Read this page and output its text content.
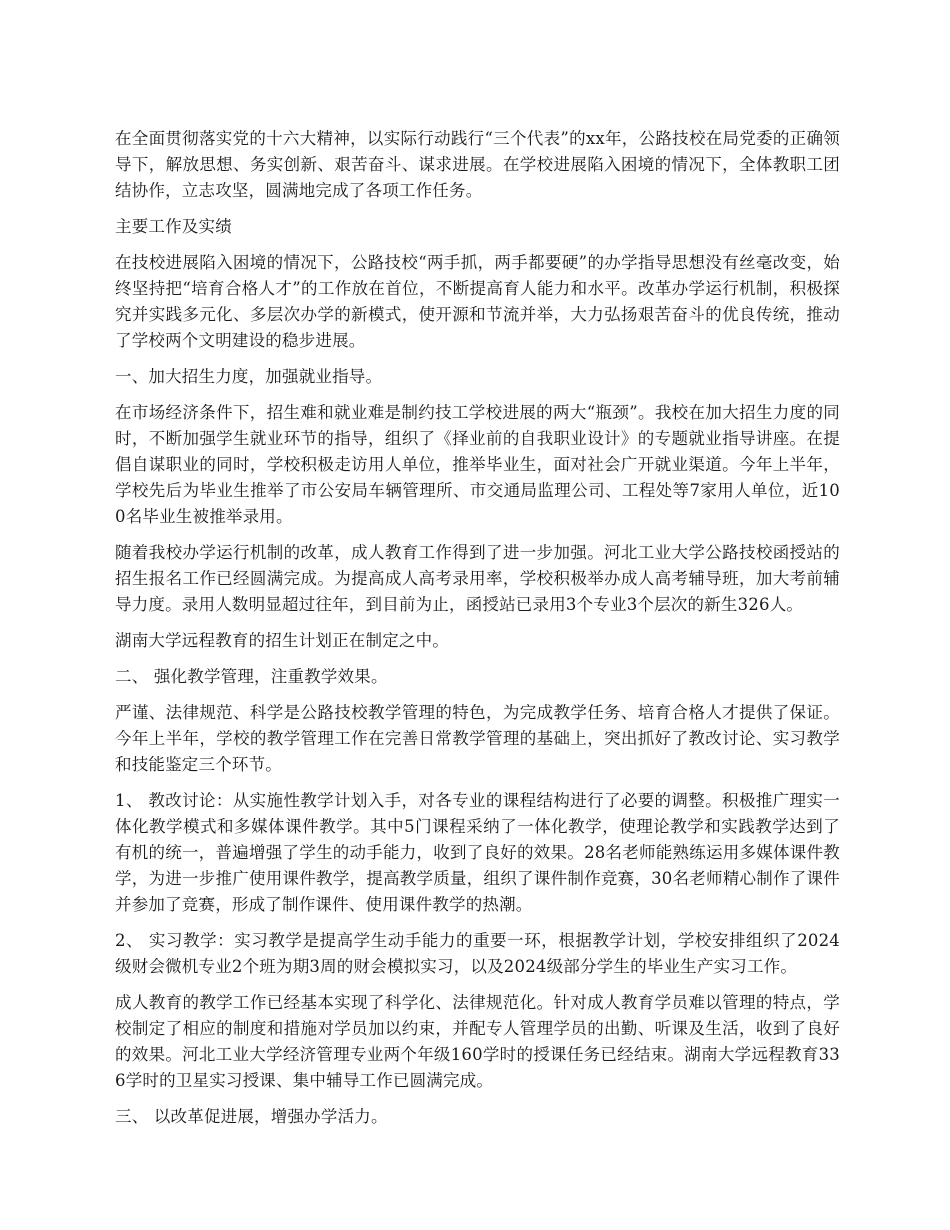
在全面贯彻落实党的十六大精神，以实际行动践行“三个代表”的xx年，公路技校在局党委的正确领导下，解放思想、务实创新、艰苦奋斗、谋求进展。在学校进展陷入困境的情况下，全体教职工团结协作，立志攻坚，圆满地完成了各项工作任务。

主要工作及实绩

在技校进展陷入困境的情况下，公路技校“两手抓，两手都要硬”的办学指导思想没有丝毫改变，始终坚持把“培育合格人才”的工作放在首位，不断提高育人能力和水平。改革办学运行机制，积极探究并实践多元化、多层次办学的新模式，使开源和节流并举，大力弘扬艰苦奋斗的优良传统，推动了学校两个文明建设的稳步进展。

一、加大招生力度，加强就业指导。

在市场经济条件下，招生难和就业难是制约技工学校进展的两大“瓶颈”。我校在加大招生力度的同时，不断加强学生就业环节的指导，组织了《择业前的自我职业设计》的专题就业指导讲座。在提倡自谋职业的同时，学校积极走访用人单位，推举毕业生，面对社会广开就业渠道。今年上半年，学校先后为毕业生推举了市公安局车辆管理所、市交通局监理公司、工程处等7家用人单位，近100名毕业生被推举录用。

随着我校办学运行机制的改革，成人教育工作得到了进一步加强。河北工业大学公路技校函授站的招生报名工作已经圆满完成。为提高成人高考录用率，学校积极举办成人高考辅导班，加大考前辅导力度。录用人数明显超过往年，到目前为止，函授站已录用3个专业3个层次的新生326人。

湖南大学远程教育的招生计划正在制定之中。

二、 强化教学管理，注重教学效果。

严谨、法律规范、科学是公路技校教学管理的特色，为完成教学任务、培育合格人才提供了保证。今年上半年，学校的教学管理工作在完善日常教学管理的基础上，突出抓好了教改讨论、实习教学和技能鉴定三个环节。

1、 教改讨论：从实施性教学计划入手，对各专业的课程结构进行了必要的调整。积极推广理实一体化教学模式和多媒体课件教学。其中5门课程采纳了一体化教学，使理论教学和实践教学达到了有机的统一，普遍增强了学生的动手能力，收到了良好的效果。28名老师能熟练运用多媒体课件教学，为进一步推广使用课件教学，提高教学质量，组织了课件制作竞赛，30名老师精心制作了课件并参加了竞赛，形成了制作课件、使用课件教学的热潮。

2、 实习教学：实习教学是提高学生动手能力的重要一环，根据教学计划，学校安排组织了2024级财会微机专业2个班为期3周的财会模拟实习，以及2024级部分学生的毕业生产实习工作。

成人教育的教学工作已经基本实现了科学化、法律规范化。针对成人教育学员难以管理的特点，学校制定了相应的制度和措施对学员加以约束，并配专人管理学员的出勤、听课及生活，收到了良好的效果。河北工业大学经济管理专业两个年级160学时的授课任务已经结束。湖南大学远程教育336学时的卫星实习授课、集中辅导工作已圆满完成。

三、 以改革促进展，增强办学活力。
